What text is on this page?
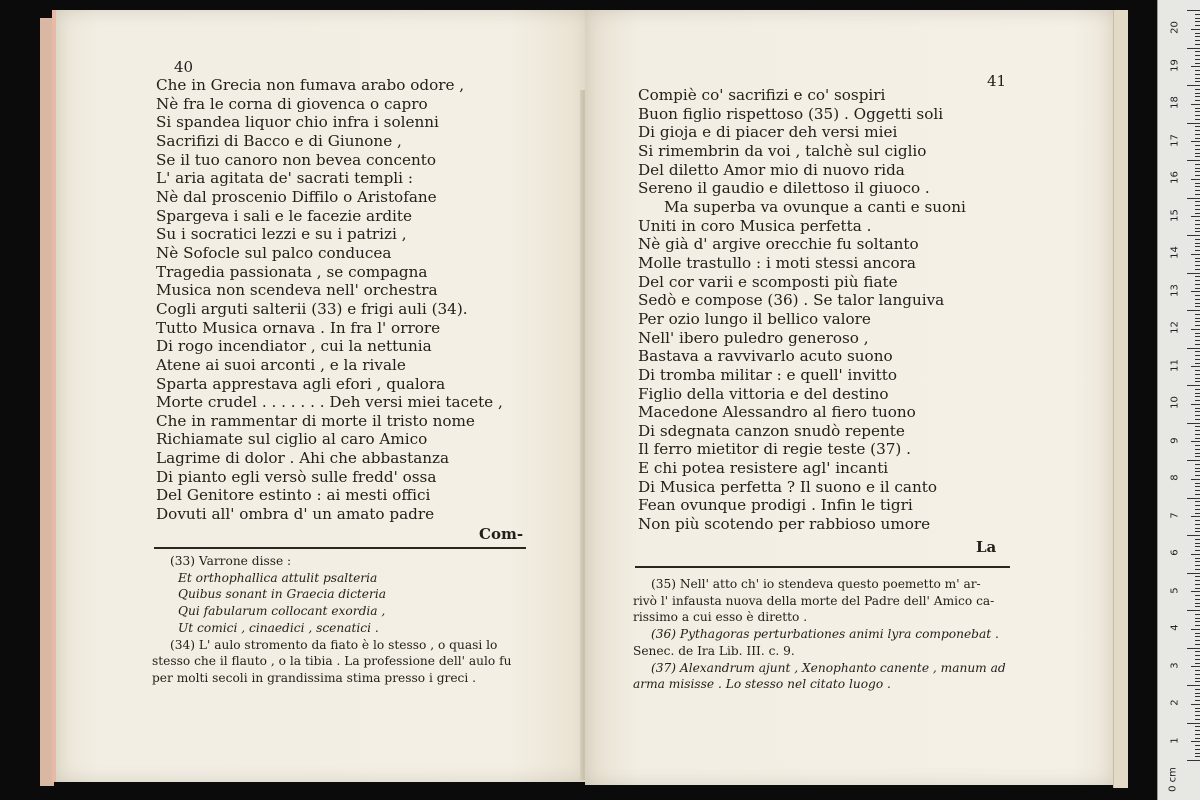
40
Che in Grecia non fumava arabo odore ,
Nè fra le corna di giovenca o capro
Si spandea liquor chio infra i solenni
Sacrifizi di Bacco e di Giunone ,
Se il tuo canoro non bevea concento
L' aria agitata de' sacrati templi :
Nè dal proscenio Diffilo o Aristofane
Spargeva i sali e le facezie ardite
Su i socratici lezzi e su i patrizi ,
Nè Sofocle sul palco conducea
Tragedia passionata , se compagna
Musica non scendeva nell' orchestra
Cogli arguti salterii (33) e frigi auli (34).
Tutto Musica ornava . In fra l' orrore
Di rogo incendiator , cui la nettunia
Atene ai suoi arconti , e la rivale
Sparta apprestava agli efori , qualora
Morte crudel . . . . . . . Deh versi miei tacete ,
Che in rammentar di morte il tristo nome
Richiamate sul ciglio al caro Amico
Lagrime di dolor . Ahi che abbastanza
Di pianto egli versò sulle fredd' ossa
Del Genitore estinto : ai mesti offici
Dovuti all' ombra d' un amato padre
Com-
(33) Varrone disse :
Et orthophallica attulit psalteria
Quibus sonant in Graecia dicteria
Qui fabularum collocant exordia ,
Ut comici , cinaedici , scenatici .
(34) L' aulo stromento da fiato è lo stesso , o quasi lo
stesso che il flauto , o la tibia . La professione dell' aulo fu
per molti secoli in grandissima stima presso i greci .
41
Compiè co' sacrifizi e co' sospiri
Buon figlio rispettoso (35) . Oggetti soli
Di gioja e di piacer deh versi miei
Si rimembrin da voi , talchè sul ciglio
Del diletto Amor mio di nuovo rida
Sereno il gaudio e dilettoso il giuoco .
Ma superba va ovunque a canti e suoni
Uniti in coro Musica perfetta .
Nè già d' argive orecchie fu soltanto
Molle trastullo : i moti stessi ancora
Del cor varii e scomposti più fiate
Sedò e compose (36) . Se talor languiva
Per ozio lungo il bellico valore
Nell' ibero puledro generoso ,
Bastava a ravvivarlo acuto suono
Di tromba militar : e quell' invitto
Figlio della vittoria e del destino
Macedone Alessandro al fiero tuono
Di sdegnata canzon snudò repente
Il ferro mietitor di regie teste (37) .
E chi potea resistere agl' incanti
Di Musica perfetta ? Il suono e il canto
Fean ovunque prodigi . Infin le tigri
Non più scotendo per rabbioso umore
La
(35) Nell' atto ch' io stendeva questo poemetto m' ar-
rivò l' infausta nuova della morte del Padre dell' Amico ca-
rissimo a cui esso è diretto .
(36) Pythagoras perturbationes animi lyra componebat .
Senec. de Ira Lib. III. c. 9.
(37) Alexandrum ajunt , Xenophanto canente , manum ad
arma misisse . Lo stesso nel citato luogo .
0 cm
20
19
18
17
16
15
14
13
12
11
10
9
8
7
6
5
4
3
2
1
